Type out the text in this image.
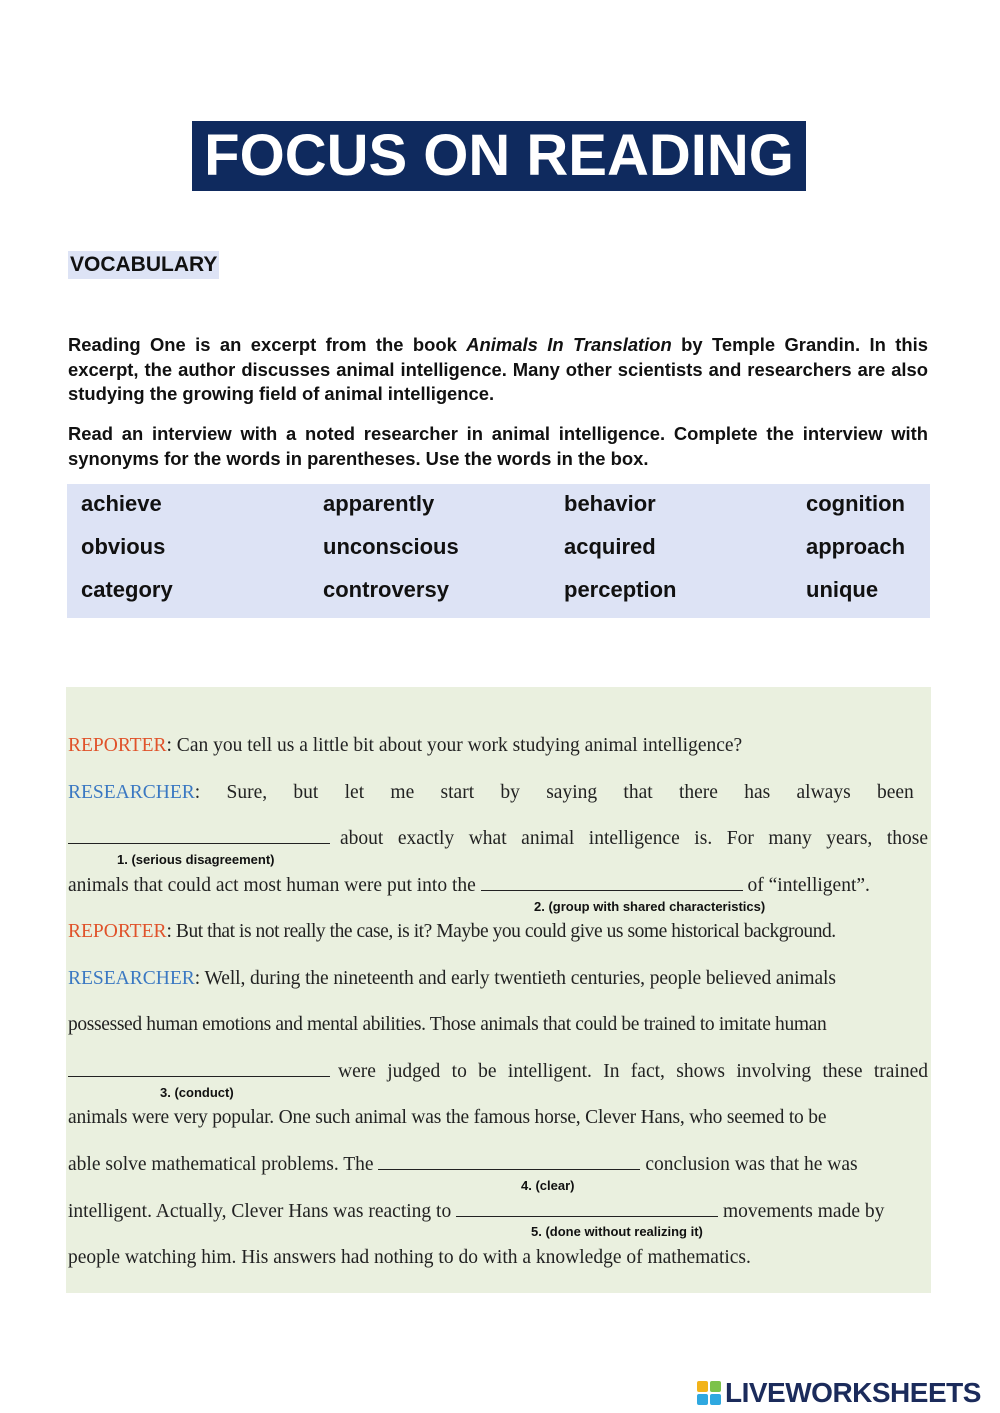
FOCUS ON READING
VOCABULARY
Reading One is an excerpt from the book Animals In Translation by Temple Grandin. In this excerpt, the author discusses animal intelligence. Many other scientists and researchers are also studying the growing field of animal intelligence.
Read an interview with a noted researcher in animal intelligence. Complete the interview with synonyms for the words in parentheses. Use the words in the box.
achieve	apparently	behavior	cognition
obvious	unconscious	acquired	approach
category	controversy	perception	unique
REPORTER: Can you tell us a little bit about your work studying animal intelligence?
RESEARCHER: Sure, but let me start by saying that there has always been
about exactly what animal intelligence is. For many years, those
1. (serious disagreement)
animals that could act most human were put into the	of “intelligent”.
2. (group with shared characteristics)
REPORTER: But that is not really the case, is it? Maybe you could give us some historical background.
RESEARCHER: Well, during the nineteenth and early twentieth centuries, people believed animals
possessed human emotions and mental abilities. Those animals that could be trained to imitate human
were judged to be intelligent. In fact, shows involving these trained
3. (conduct)
animals were very popular. One such animal was the famous horse, Clever Hans, who seemed to be
able solve mathematical problems. The	conclusion was that he was
4. (clear)
intelligent. Actually, Clever Hans was reacting to	movements made by
5. (done without realizing it)
people watching him. His answers had nothing to do with a knowledge of mathematics.
LIVEWORKSHEETS
